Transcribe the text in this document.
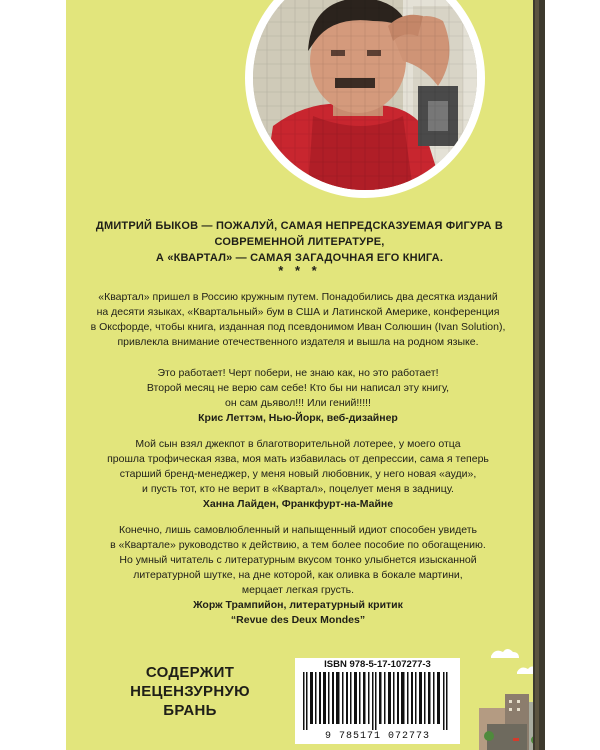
ДМИТРИЙ БЫКОВ — ПОЖАЛУЙ, САМАЯ НЕПРЕДСКАЗУЕМАЯ ФИГУРА В СОВРЕМЕННОЙ ЛИТЕРАТУРЕ,
А «КВАРТАЛ» — САМАЯ ЗАГАДОЧНАЯ ЕГО КНИГА.
* * *
«Квартал» пришел в Россию кружным путем. Понадобились два десятка изданий
на десяти языках, «Квартальный» бум в США и Латинской Америке, конференция
в Оксфорде, чтобы книга, изданная под псевдонимом Иван Солюшин (Ivan Solution),
привлекла внимание отечественного издателя и вышла на родном языке.
Это работает! Черт побери, не знаю как, но это работает!
Второй месяц не верю сам себе! Кто бы ни написал эту книгу,
он сам дьявол!!! Или гений!!!!!
Крис Леттэм, Нью-Йорк, веб-дизайнер
Мой сын взял джекпот в благотворительной лотерее, у моего отца
прошла трофическая язва, моя мать избавилась от депрессии, сама я теперь
старший бренд-менеджер, у меня новый любовник, у него новая «ауди»,
и пусть тот, кто не верит в «Квартал», поцелует меня в задницу.
Ханна Лайден, Франкфурт-на-Майне
Конечно, лишь самовлюбленный и напыщенный идиот способен увидеть
в «Квартале» руководство к действию, а тем более пособие по обогащению.
Но умный читатель с литературным вкусом тонко улыбнется изысканной
литературной шутке, на дне которой, как оливка в бокале мартини,
мерцает легкая грусть.
Жорж Трампийон, литературный критик
“Revue des Deux Mondes”
СОДЕРЖИТ
НЕЦЕНЗУРНУЮ
БРАНЬ
ISBN 978-5-17-107277-3
9 785171 072773
